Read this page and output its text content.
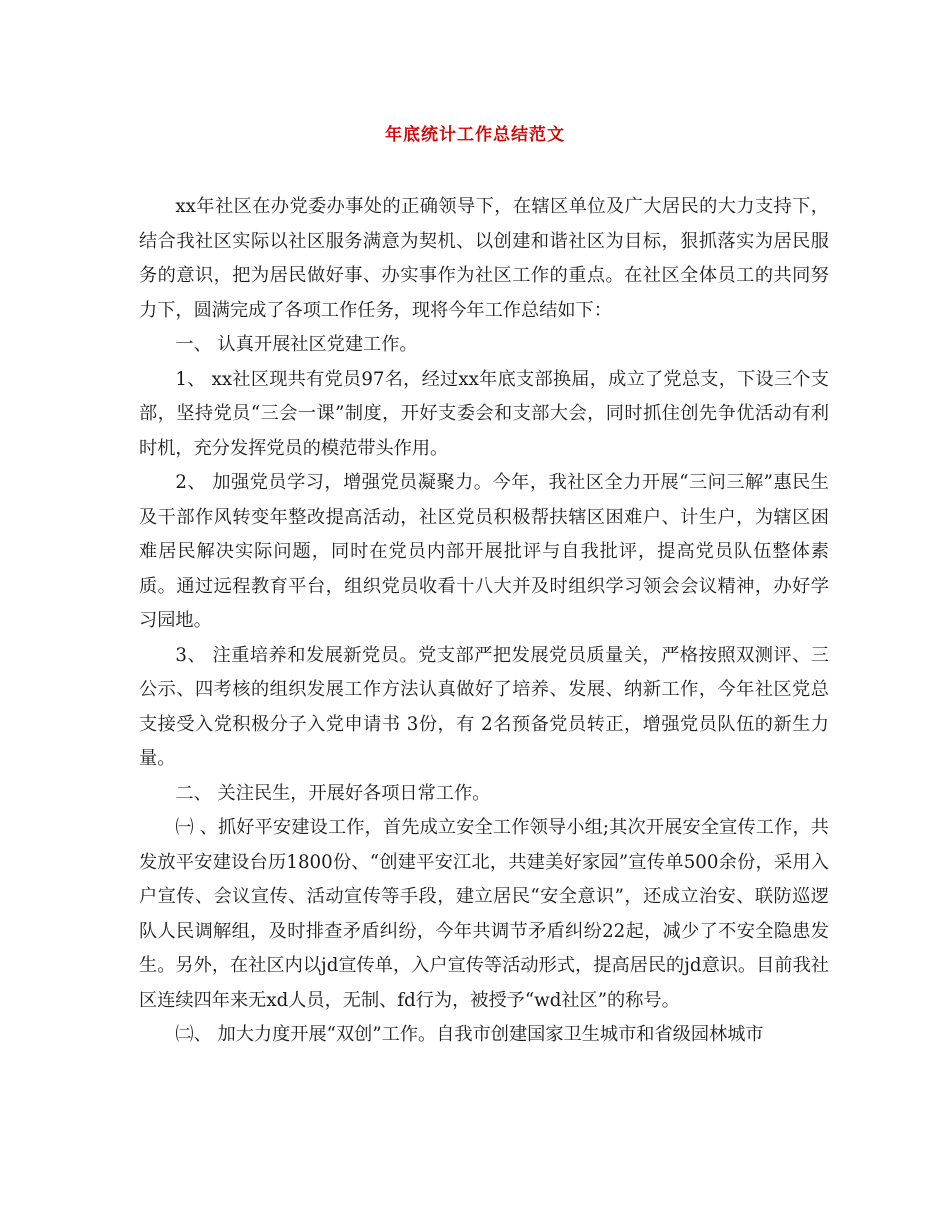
年底统计工作总结范文

xx年社区在办党委办事处的正确领导下，在辖区单位及广大居民的大力支持下，结合我社区实际以社区服务满意为契机、以创建和谐社区为目标，狠抓落实为居民服务的意识，把为居民做好事、办实事作为社区工作的重点。在社区全体员工的共同努力下，圆满完成了各项工作任务，现将今年工作总结如下：

一、 认真开展社区党建工作。

1、 xx社区现共有党员97名，经过xx年底支部换届，成立了党总支，下设三个支部，坚持党员“三会一课”制度，开好支委会和支部大会，同时抓住创先争优活动有利时机，充分发挥党员的模范带头作用。

2、 加强党员学习，增强党员凝聚力。今年，我社区全力开展“三问三解”惠民生及干部作风转变年整改提高活动，社区党员积极帮扶辖区困难户、计生户，为辖区困难居民解决实际问题，同时在党员内部开展批评与自我批评，提高党员队伍整体素质。通过远程教育平台，组织党员收看十八大并及时组织学习领会会议精神，办好学习园地。

3、 注重培养和发展新党员。党支部严把发展党员质量关，严格按照双测评、三公示、四考核的组织发展工作方法认真做好了培养、发展、纳新工作，今年社区党总支接受入党积极分子入党申请书 3份，有 2名预备党员转正，增强党员队伍的新生力量。

二、 关注民生，开展好各项日常工作。

㈠ 、抓好平安建设工作，首先成立安全工作领导小组;其次开展安全宣传工作，共发放平安建设台历1800份、“创建平安江北，共建美好家园”宣传单500余份，采用入户宣传、会议宣传、活动宣传等手段，建立居民“安全意识”，还成立治安、联防巡逻队人民调解组，及时排查矛盾纠纷，今年共调节矛盾纠纷22起，减少了不安全隐患发生。另外，在社区内以jd宣传单，入户宣传等活动形式，提高居民的jd意识。目前我社区连续四年来无xd人员，无制、fd行为，被授予“wd社区”的称号。

㈡、 加大力度开展“双创”工作。自我市创建国家卫生城市和省级园林城市
